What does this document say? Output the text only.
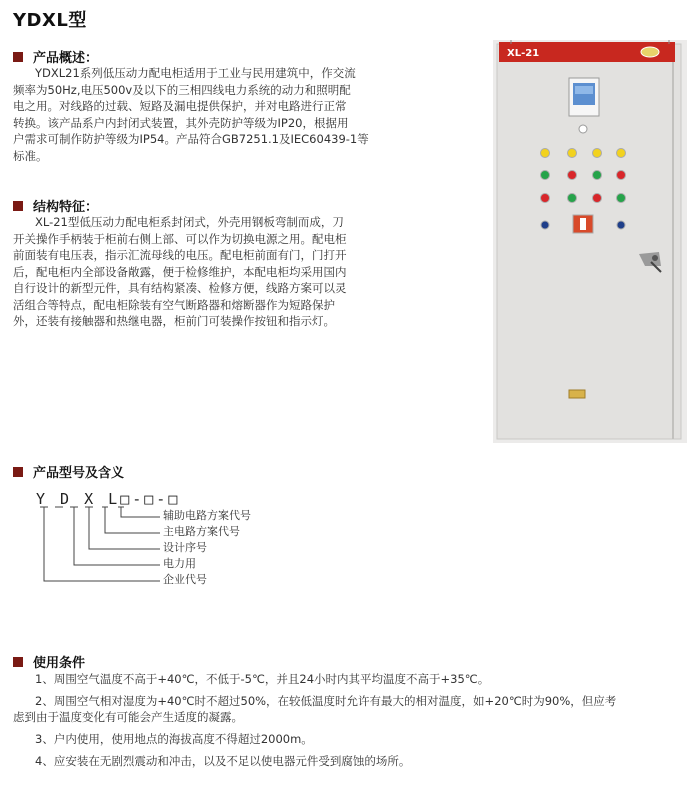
YDXL型
产品概述：

YDXL21系列低压动力配电柜适用于工业与民用建筑中，作交流

频率为50Hz,电压500v及以下的三相四线电力系统的动力和照明配

电之用。对线路的过载、短路及漏电提供保护，并对电路进行正常

转换。该产品系户内封闭式装置，其外壳防护等级为IP20，根据用

户需求可制作防护等级为IP54。产品符合GB7251.1及IEC60439-1等

标准。

结构特征：

XL-21型低压动力配电柜系封闭式，外壳用钢板弯制而成，刀

开关操作手柄装于柜前右侧上部、可以作为切换电源之用。配电柜

前面装有电压表，指示汇流母线的电压。配电柜前面有门，门打开

后，配电柜内全部设备敞露，便于检修维护，本配电柜均采用国内

自行设计的新型元件，具有结构紧凑、检修方便，线路方案可以灵

活组合等特点，配电柜除装有空气断路器和熔断器作为短路保护

外，还装有接触器和热继电器，柜前门可装操作按钮和指示灯。

XL-21
产品型号及含义
Y D X L□-□-□
辅助电路方案代号
主电路方案代号
设计序号
电力用
企业代号
使用条件

1、周围空气温度不高于+40℃，不低于-5℃，并且24小时内其平均温度不高于+35℃。

2、周围空气相对湿度为+40℃时不超过50%，在较低温度时允许有最大的相对温度，如+20℃时为90%，但应考

虑到由于温度变化有可能会产生适度的凝露。

3、户内使用，使用地点的海拔高度不得超过2000m。

4、应安装在无剧烈震动和冲击，以及不足以使电器元件受到腐蚀的场所。
